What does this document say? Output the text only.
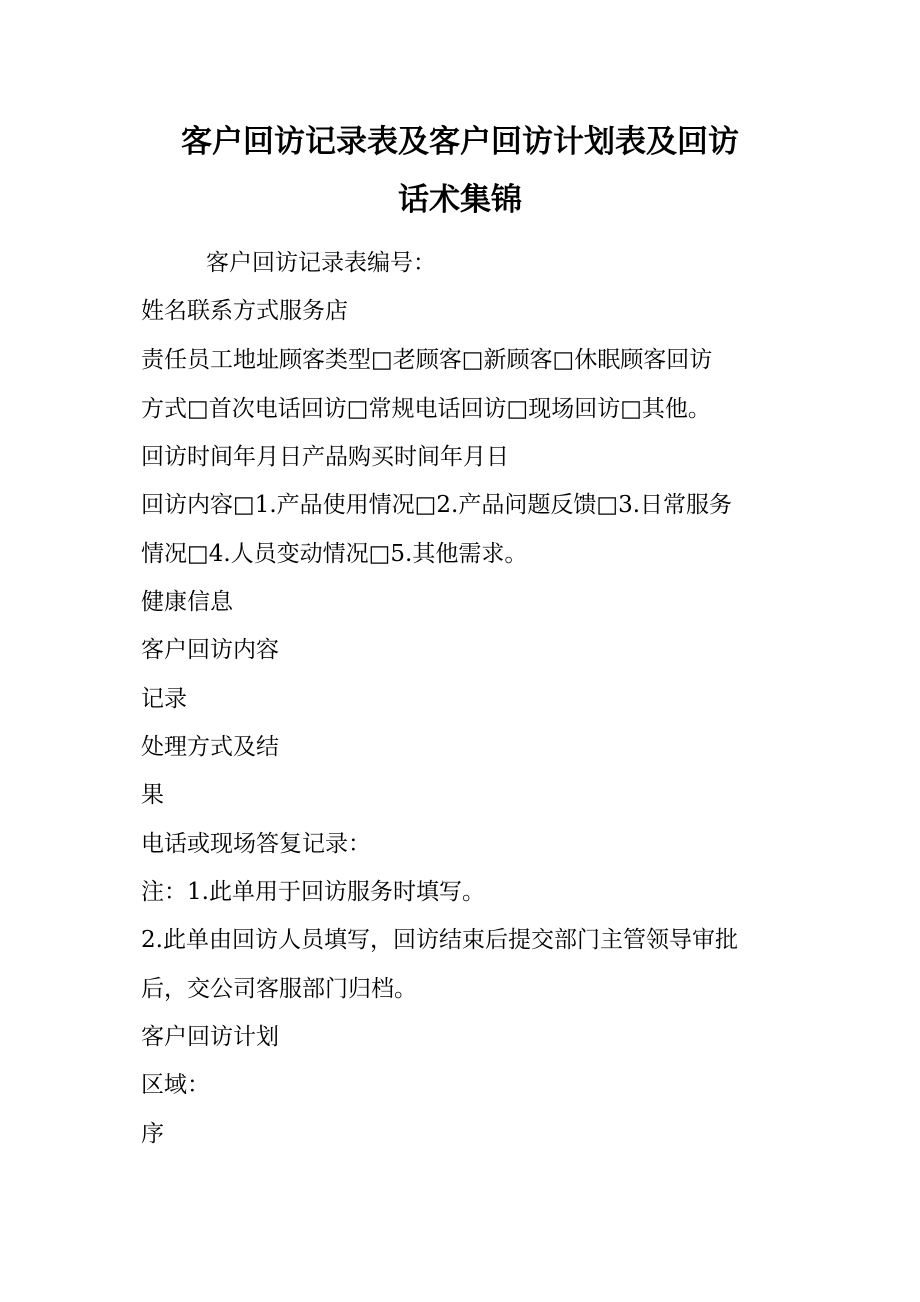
客户回访记录表及客户回访计划表及回访
话术集锦

客户回访记录表编号：

姓名联系方式服务店

责任员工地址顾客类型□老顾客□新顾客□休眠顾客回访

方式□首次电话回访□常规电话回访□现场回访□其他。

回访时间年月日产品购买时间年月日

回访内容□1.产品使用情况□2.产品问题反馈□3.日常服务

情况□4.人员变动情况□5.其他需求。

健康信息

客户回访内容

记录

处理方式及结

果

电话或现场答复记录：

注：1.此单用于回访服务时填写。

2.此单由回访人员填写，回访结束后提交部门主管领导审批

后，交公司客服部门归档。

客户回访计划

区域：

序
